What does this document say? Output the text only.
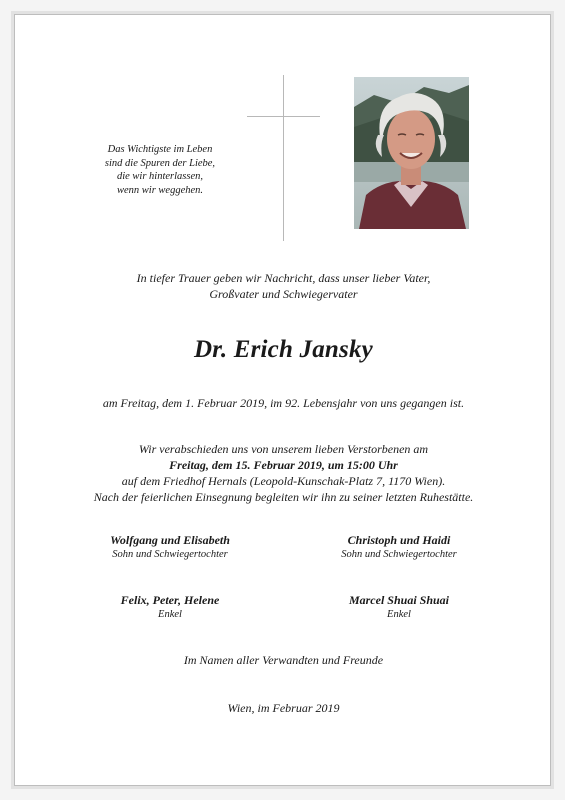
Das Wichtigste im Leben
sind die Spuren der Liebe,
die wir hinterlassen,
wenn wir weggehen.
In tiefer Trauer geben wir Nachricht, dass unser lieber Vater,
Großvater und Schwiegervater
Dr. Erich Jansky
am Freitag, dem 1. Februar 2019, im 92. Lebensjahr von uns gegangen ist.
Wir verabschieden uns von unserem lieben Verstorbenen am
Freitag, dem 15. Februar 2019, um 15:00 Uhr
auf dem Friedhof Hernals (Leopold-Kunschak-Platz 7, 1170 Wien).
Nach der feierlichen Einsegnung begleiten wir ihn zu seiner letzten Ruhestätte.
Wolfgang und Elisabeth
Sohn und Schwiegertochter
Christoph und Haidi
Sohn und Schwiegertochter
Felix, Peter, Helene
Enkel
Marcel Shuai Shuai
Enkel
Im Namen aller Verwandten und Freunde
Wien, im Februar 2019
